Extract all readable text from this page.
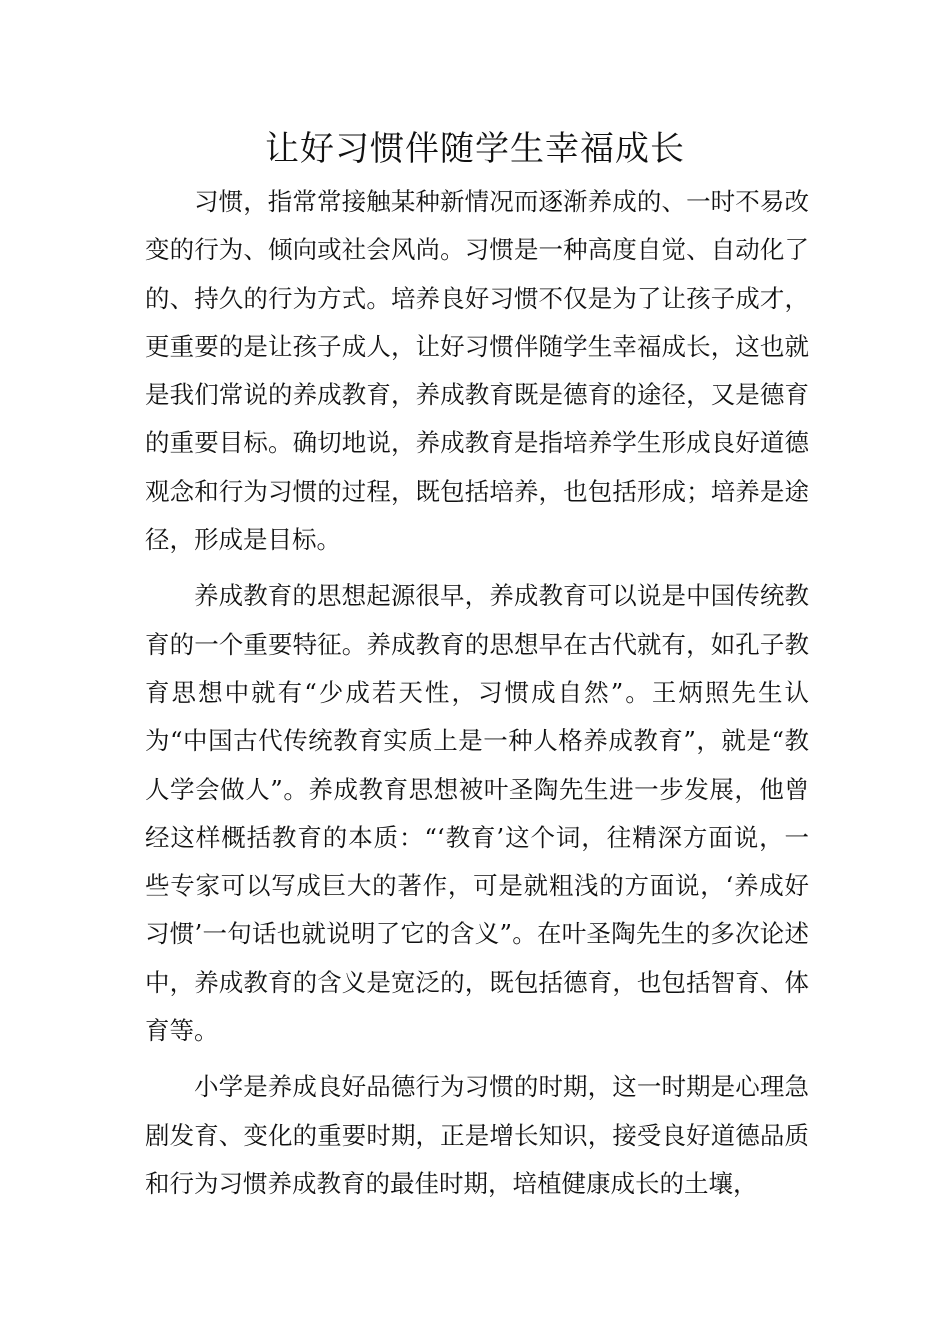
让好习惯伴随学生幸福成长

习惯，指常常接触某种新情况而逐渐养成的、一时不易改变的行为、倾向或社会风尚。习惯是一种高度自觉、自动化了的、持久的行为方式。培养良好习惯不仅是为了让孩子成才，更重要的是让孩子成人，让好习惯伴随学生幸福成长，这也就是我们常说的养成教育，养成教育既是德育的途径，又是德育的重要目标。确切地说，养成教育是指培养学生形成良好道德观念和行为习惯的过程，既包括培养，也包括形成；培养是途径，形成是目标。

养成教育的思想起源很早，养成教育可以说是中国传统教育的一个重要特征。养成教育的思想早在古代就有，如孔子教育思想中就有“少成若天性，习惯成自然”。王炳照先生认为“中国古代传统教育实质上是一种人格养成教育”，就是“教人学会做人”。养成教育思想被叶圣陶先生进一步发展，他曾经这样概括教育的本质：“‘教育’这个词，往精深方面说，一些专家可以写成巨大的著作，可是就粗浅的方面说，‘养成好习惯’一句话也就说明了它的含义”。在叶圣陶先生的多次论述中，养成教育的含义是宽泛的，既包括德育，也包括智育、体育等。

小学是养成良好品德行为习惯的时期，这一时期是心理急剧发育、变化的重要时期，正是增长知识，接受良好道德品质和行为习惯养成教育的最佳时期，培植健康成长的土壤，
